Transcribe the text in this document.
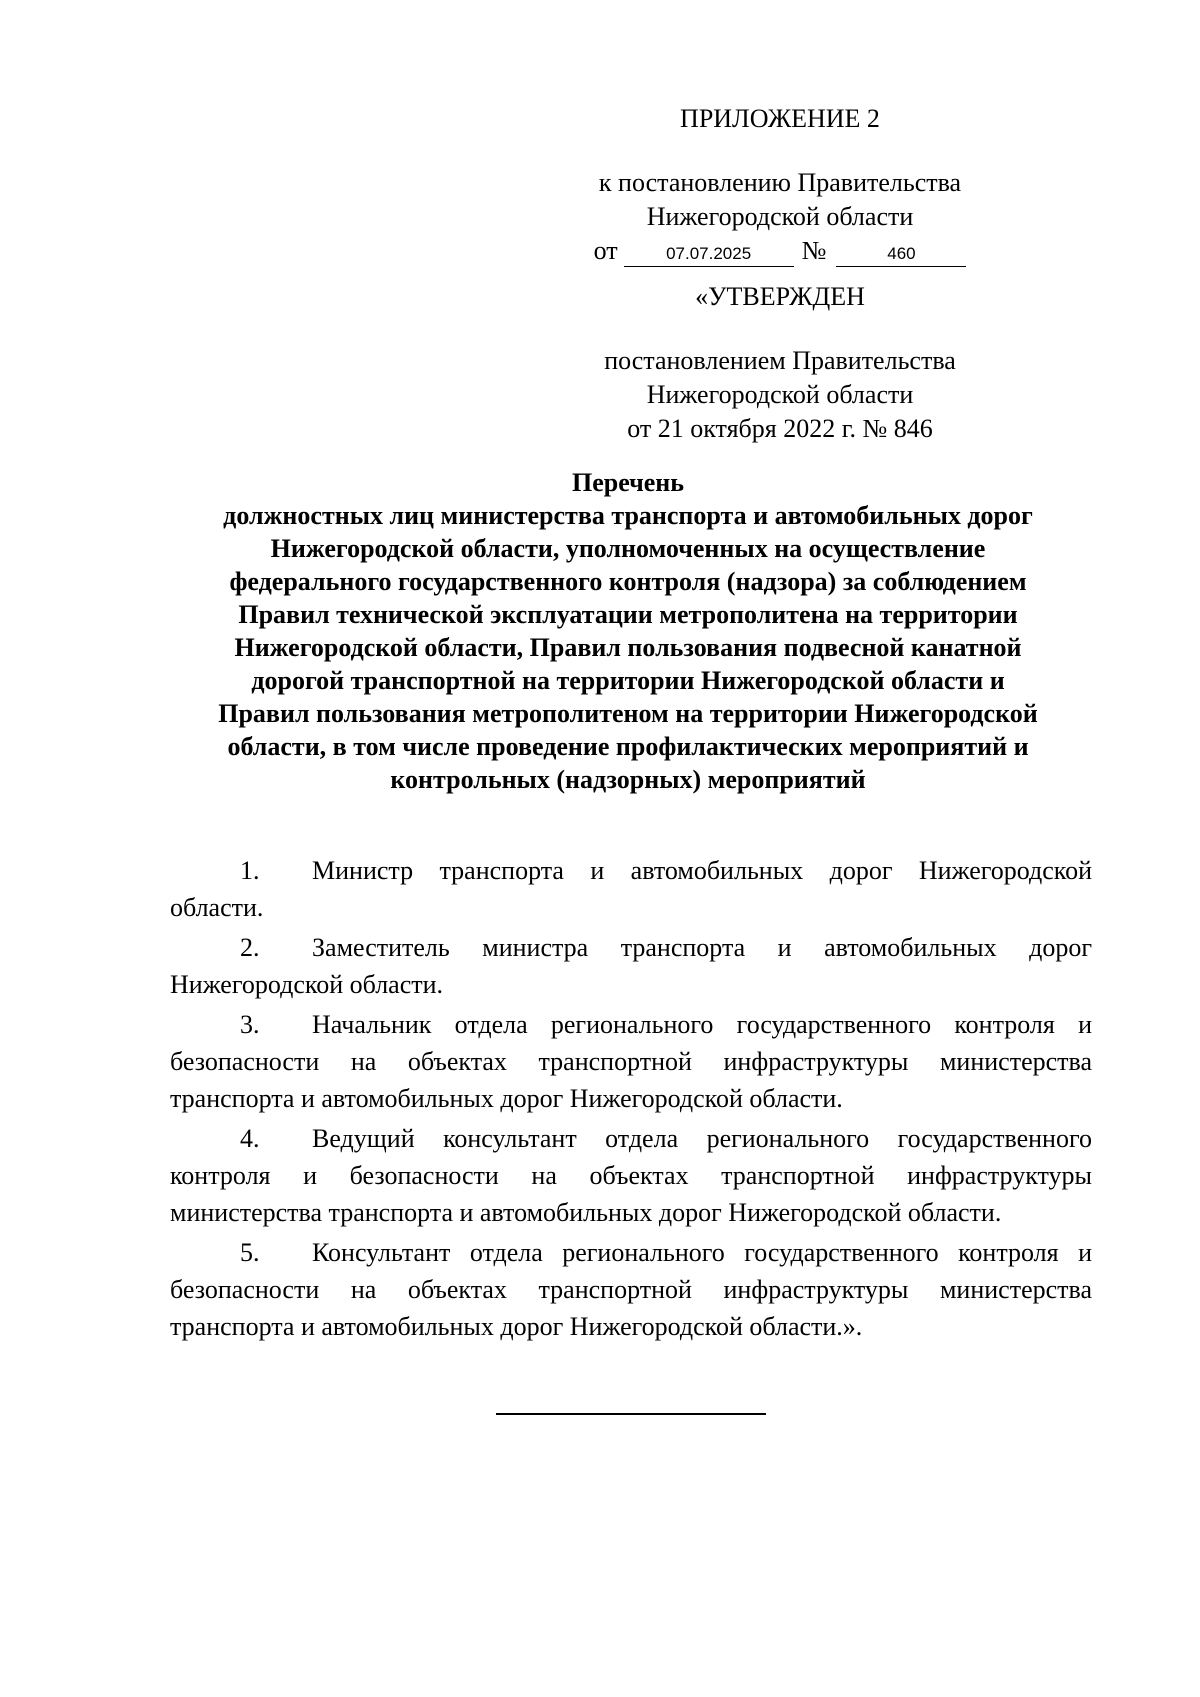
ПРИЛОЖЕНИЕ 2
к постановлению Правительства
Нижегородской области
от	07.07.2025	№	460
«УТВЕРЖДЕН
постановлением Правительства
Нижегородской области
от 21 октября 2022 г. № 846
Перечень
должностных лиц министерства транспорта и автомобильных дорог
Нижегородской области, уполномоченных на осуществление
федерального государственного контроля (надзора) за соблюдением
Правил технической эксплуатации метрополитена на территории
Нижегородской области, Правил пользования подвесной канатной
дорогой транспортной на территории Нижегородской области и
Правил пользования метрополитеном на территории Нижегородской
области, в том числе проведение профилактических мероприятий и
контрольных (надзорных) мероприятий

1. Министр транспорта и автомобильных дорог Нижегородской области.

2. Заместитель министра транспорта и автомобильных дорог Нижегородской области.

3. Начальник отдела регионального государственного контроля и безопасности на объектах транспортной инфраструктуры министерства транспорта и автомобильных дорог Нижегородской области.

4. Ведущий консультант отдела регионального государственного контроля и безопасности на объектах транспортной инфраструктуры министерства транспорта и автомобильных дорог Нижегородской области.

5. Консультант отдела регионального государственного контроля и безопасности на объектах транспортной инфраструктуры министерства транспорта и автомобильных дорог Нижегородской области.».
